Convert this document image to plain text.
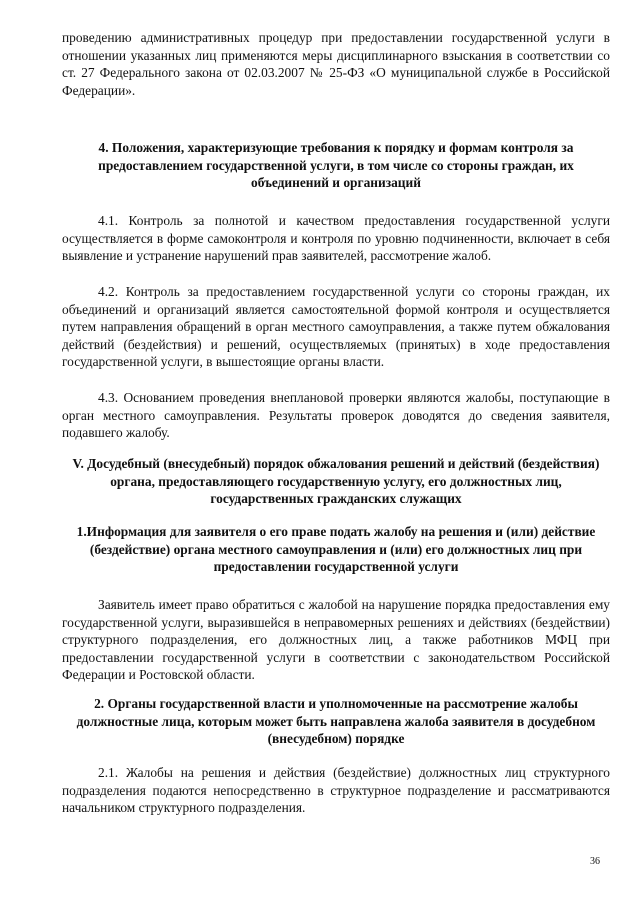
проведению административных процедур при предоставлении государственной услуги в отношении указанных лиц применяются меры дисциплинарного взыскания в соответствии со ст. 27 Федерального закона от 02.03.2007 № 25-ФЗ «О муниципальной службе в Российской Федерации».

4. Положения, характеризующие требования к порядку и формам контроля за предоставлением государственной услуги, в том числе со стороны граждан, их объединений и организаций

4.1. Контроль за полнотой и качеством предоставления государственной услуги осуществляется в форме самоконтроля и контроля по уровню подчиненности, включает в себя выявление и устранение нарушений прав заявителей, рассмотрение жалоб.

4.2. Контроль за предоставлением государственной услуги со стороны граждан, их объединений и организаций является самостоятельной формой контроля и осуществляется путем направления обращений в орган местного самоуправления, а также путем обжалования действий (бездействия) и решений, осуществляемых (принятых) в ходе предоставления государственной услуги, в вышестоящие органы власти.

4.3. Основанием проведения внеплановой проверки являются жалобы, поступающие в орган местного самоуправления. Результаты проверок доводятся до сведения заявителя, подавшего жалобу.

V. Досудебный (внесудебный) порядок обжалования решений и действий (бездействия) органа, предоставляющего государственную услугу, его должностных лиц, государственных гражданских служащих

1.Информация для заявителя о его праве подать жалобу на решения и (или) действие (бездействие) органа местного самоуправления и (или) его должностных лиц при предоставлении государственной услуги

Заявитель имеет право обратиться с жалобой на нарушение порядка предоставления ему государственной услуги, выразившейся в неправомерных решениях и действиях (бездействии) структурного подразделения, его должностных лиц, а также работников МФЦ при предоставлении государственной услуги в соответствии с законодательством Российской Федерации и Ростовской области.

2. Органы государственной власти и уполномоченные на рассмотрение жалобы должностные лица, которым может быть направлена жалоба заявителя в досудебном (внесудебном) порядке

2.1. Жалобы на решения и действия (бездействие) должностных лиц структурного подразделения подаются непосредственно в структурное подразделение и рассматриваются начальником структурного подразделения.

36
